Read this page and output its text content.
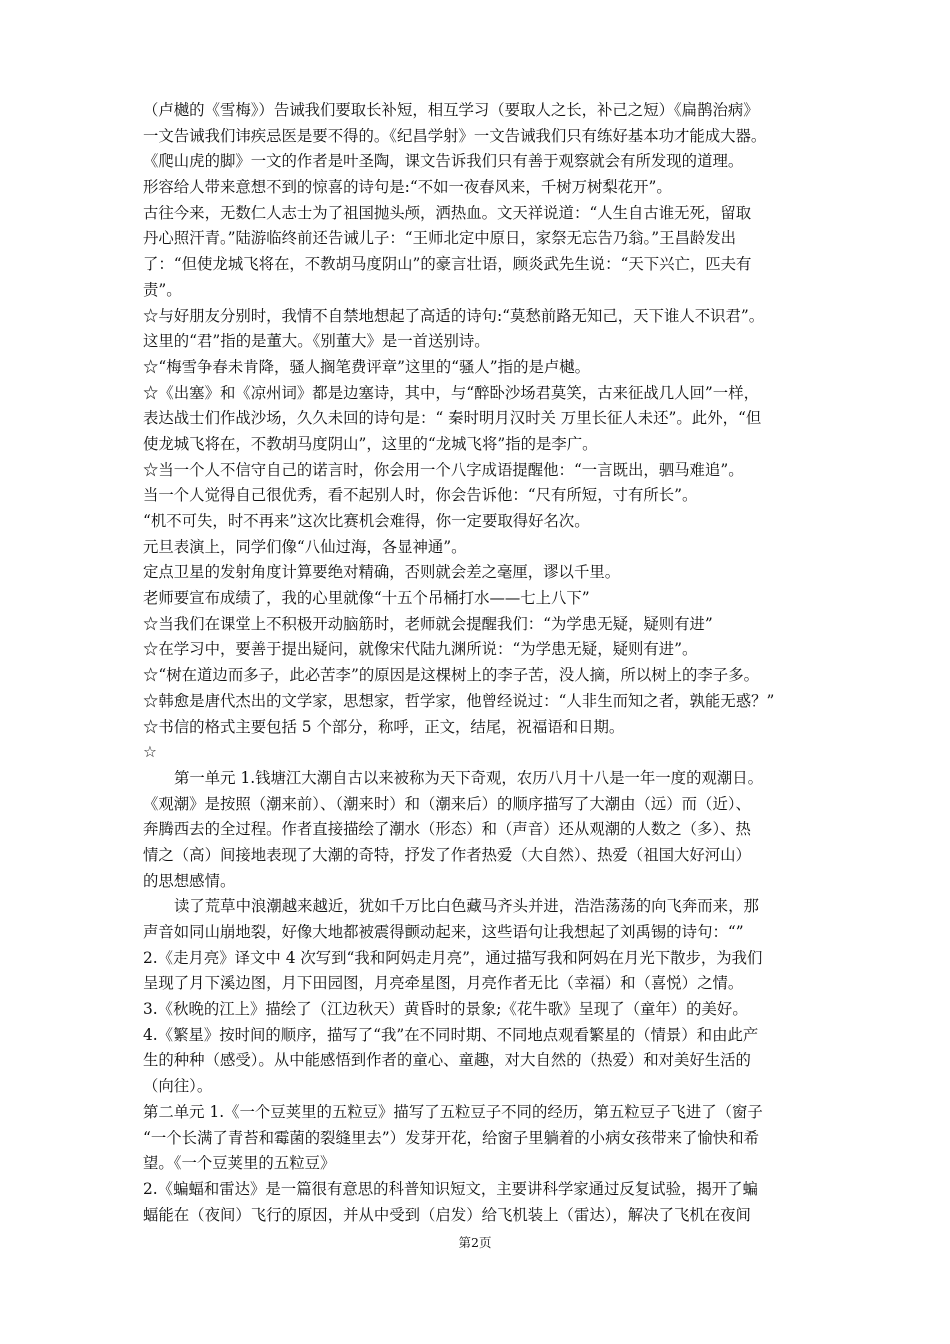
（卢樾的《雪梅》）告诫我们要取长补短，相互学习（要取人之长，补己之短）《扁鹊治病》
一文告诫我们讳疾忌医是要不得的。《纪昌学射》一文告诫我们只有练好基本功才能成大器。
《爬山虎的脚》一文的作者是叶圣陶，课文告诉我们只有善于观察就会有所发现的道理。
形容给人带来意想不到的惊喜的诗句是:“不如一夜春风来，千树万树梨花开”。
古往今来，无数仁人志士为了祖国抛头颅，洒热血。文天祥说道：“人生自古谁无死，留取
丹心照汗青。”陆游临终前还告诫儿子：“王师北定中原日，家祭无忘告乃翁。”王昌龄发出
了：“但使龙城飞将在，不教胡马度阴山”的豪言壮语，顾炎武先生说：“天下兴亡，匹夫有
责”。
☆与好朋友分别时，我情不自禁地想起了高适的诗句:“莫愁前路无知己，天下谁人不识君”。
这里的“君”指的是董大。《别董大》是一首送别诗。
☆“梅雪争春未肯降，骚人搁笔费评章”这里的“骚人”指的是卢樾。
☆《出塞》和《凉州词》都是边塞诗，其中，与“醉卧沙场君莫笑，古来征战几人回”一样，
表达战士们作战沙场，久久未回的诗句是：“ 秦时明月汉时关 万里长征人未还”。此外，“但
使龙城飞将在，不教胡马度阴山”，这里的“龙城飞将”指的是李广。
☆当一个人不信守自己的诺言时，你会用一个八字成语提醒他：“一言既出，驷马难追”。
当一个人觉得自己很优秀，看不起别人时，你会告诉他：“尺有所短，寸有所长”。
“机不可失，时不再来”这次比赛机会难得，你一定要取得好名次。
元旦表演上，同学们像“八仙过海，各显神通”。
定点卫星的发射角度计算要绝对精确，否则就会差之毫厘，谬以千里。
老师要宣布成绩了，我的心里就像“十五个吊桶打水——七上八下”
☆当我们在课堂上不积极开动脑筋时，老师就会提醒我们：“为学患无疑，疑则有进”
☆在学习中，要善于提出疑问，就像宋代陆九渊所说：“为学患无疑，疑则有进”。
☆“树在道边而多子，此必苦李”的原因是这棵树上的李子苦，没人摘，所以树上的李子多。
☆韩愈是唐代杰出的文学家，思想家，哲学家，他曾经说过：“人非生而知之者，孰能无惑？”
☆书信的格式主要包括 5 个部分，称呼，正文，结尾，祝福语和日期。
☆
第一单元 1.钱塘江大潮自古以来被称为天下奇观，农历八月十八是一年一度的观潮日。
《观潮》是按照（潮来前）、（潮来时）和（潮来后）的顺序描写了大潮由（远）而（近）、
奔腾西去的全过程。作者直接描绘了潮水（形态）和（声音）还从观潮的人数之（多）、热
情之（高）间接地表现了大潮的奇特，抒发了作者热爱（大自然）、热爱（祖国大好河山）
的思想感情。
读了荒草中浪潮越来越近，犹如千万比白色藏马齐头并进，浩浩荡荡的向飞奔而来，那
声音如同山崩地裂，好像大地都被震得颤动起来，这些语句让我想起了刘禹锡的诗句：“”
2.《走月亮》译文中 4 次写到“我和阿妈走月亮”，通过描写我和阿妈在月光下散步，为我们
呈现了月下溪边图，月下田园图，月亮牵星图，月亮作者无比（幸福）和（喜悦）之情。
3.《秋晚的江上》描绘了（江边秋天）黄昏时的景象;《花牛歌》呈现了（童年）的美好。
4.《繁星》按时间的顺序，描写了“我”在不同时期、不同地点观看繁星的（情景）和由此产
生的种种（感受）。从中能感悟到作者的童心、童趣，对大自然的（热爱）和对美好生活的
（向往）。
第二单元 1.《一个豆荚里的五粒豆》描写了五粒豆子不同的经历，第五粒豆子飞进了（窗子
“一个长满了青苔和霉菌的裂缝里去”）发芽开花，给窗子里躺着的小病女孩带来了愉快和希
望。《一个豆荚里的五粒豆》
2.《蝙蝠和雷达》是一篇很有意思的科普知识短文，主要讲科学家通过反复试验，揭开了蝙
蝠能在（夜间）飞行的原因，并从中受到（启发）给飞机装上（雷达），解决了飞机在夜间
第2页
